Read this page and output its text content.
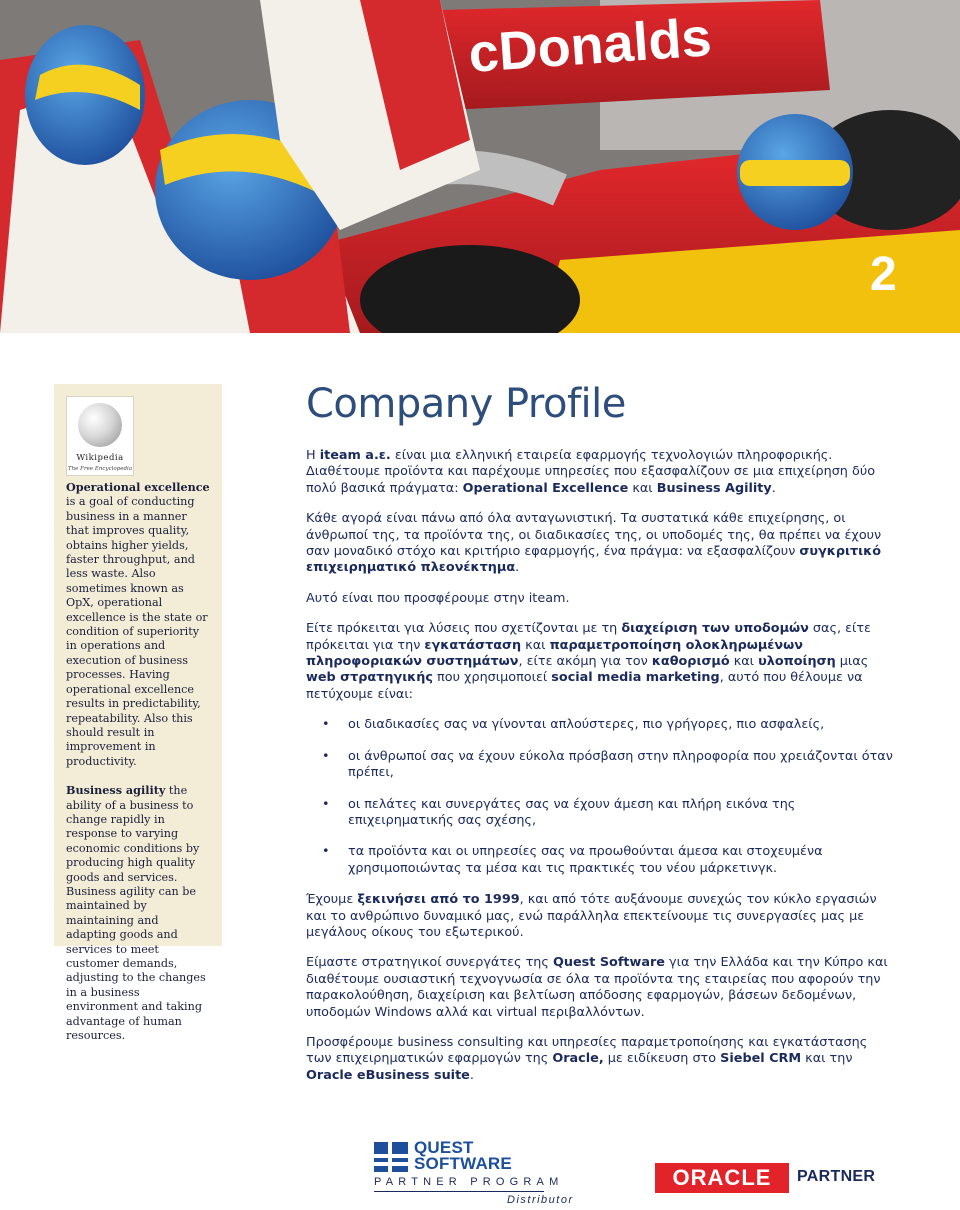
cDonalds
2
Wikipedia
The Free Encyclopedia

Operational excellence is a goal of conducting business in a manner that improves quality, obtains higher yields, faster throughput, and less waste. Also sometimes known as OpX, operational excellence is the state or condition of superiority in operations and execution of business processes. Having operational excellence results in predictability, repeatability. Also this should result in improvement in productivity.

Business agility the ability of a business to change rapidly in response to varying economic conditions by producing high quality goods and services. Business agility can be maintained by maintaining and adapting goods and services to meet customer demands, adjusting to the changes in a business environment and taking advantage of human resources.

Company Profile

Η iteam a.ε. είναι μια ελληνική εταιρεία εφαρμογής τεχνολογιών πληροφορικής. Διαθέτουμε προϊόντα και παρέχουμε υπηρεσίες που εξασφαλίζουν σε μια επιχείρηση δύο πολύ βασικά πράγματα: Operational Excellence και Business Agility.

Κάθε αγορά είναι πάνω από όλα ανταγωνιστική. Τα συστατικά κάθε επιχείρησης, οι άνθρωποί της, τα προϊόντα της, οι διαδικασίες της, οι υποδομές της, θα πρέπει να έχουν σαν μοναδικό στόχο και κριτήριο εφαρμογής, ένα πράγμα: να εξασφαλίζουν συγκριτικό επιχειρηματικό πλεονέκτημα.

Αυτό είναι που προσφέρουμε στην iteam.

Είτε πρόκειται για λύσεις που σχετίζονται με τη διαχείριση των υποδομών σας, είτε πρόκειται για την εγκατάσταση και παραμετροποίηση ολοκληρωμένων πληροφοριακών συστημάτων, είτε ακόμη για τον καθορισμό και υλοποίηση μιας web στρατηγικής που χρησιμοποιεί social media marketing, αυτό που θέλουμε να πετύχουμε είναι:

• οι διαδικασίες σας να γίνονται απλούστερες, πιο γρήγορες, πιο ασφαλείς,
• οι άνθρωποί σας να έχουν εύκολα πρόσβαση στην πληροφορία που χρειάζονται όταν πρέπει,
• οι πελάτες και συνεργάτες σας να έχουν άμεση και πλήρη εικόνα της επιχειρηματικής σας σχέσης,
• τα προϊόντα και οι υπηρεσίες σας να προωθούνται άμεσα και στοχευμένα χρησιμοποιώντας τα μέσα και τις πρακτικές του νέου μάρκετινγκ.

Έχουμε ξεκινήσει από το 1999, και από τότε αυξάνουμε συνεχώς τον κύκλο εργασιών και το ανθρώπινο δυναμικό μας, ενώ παράλληλα επεκτείνουμε τις συνεργασίες μας με μεγάλους οίκους του εξωτερικού.

Είμαστε στρατηγικοί συνεργάτες της Quest Software για την Ελλάδα και την Κύπρο και διαθέτουμε ουσιαστική τεχνογνωσία σε όλα τα προϊόντα της εταιρείας που αφορούν την παρακολούθηση, διαχείριση και βελτίωση απόδοσης εφαρμογών, βάσεων δεδομένων, υποδομών Windows αλλά και virtual περιβαλλόντων.

Προσφέρουμε business consulting και υπηρεσίες παραμετροποίησης και εγκατάστασης των επιχειρηματικών εφαρμογών της Oracle, με ειδίκευση στο Siebel CRM και την Oracle eBusiness suite.

QUEST
SOFTWARE
PARTNER PROGRAM
Distributor
ORACLE	PARTNER
